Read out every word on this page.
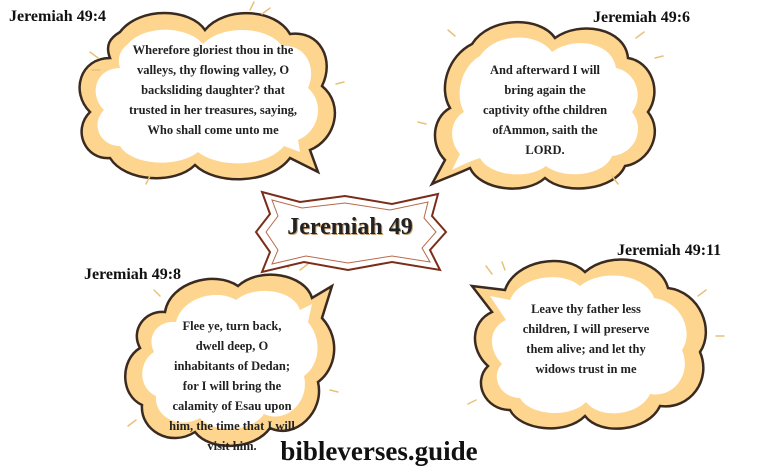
Jeremiah 49:4	Jeremiah 49:6
Jeremiah 49:8
Jeremiah 49:11
Wherefore gloriest thou in the valleys, thy flowing valley, O backsliding daughter? that trusted in her treasures, saying, Who shall come unto me
And afterward I will bring again the captivity ofthe children ofAmmon, saith the LORD.
Flee ye, turn back, dwell deep, O inhabitants of Dedan; for I will bring the calamity of Esau upon him, the time that I will visit him.
Leave thy father less children, I will preserve them alive; and let thy widows trust in me
Jeremiah 49
bibleverses.guide
